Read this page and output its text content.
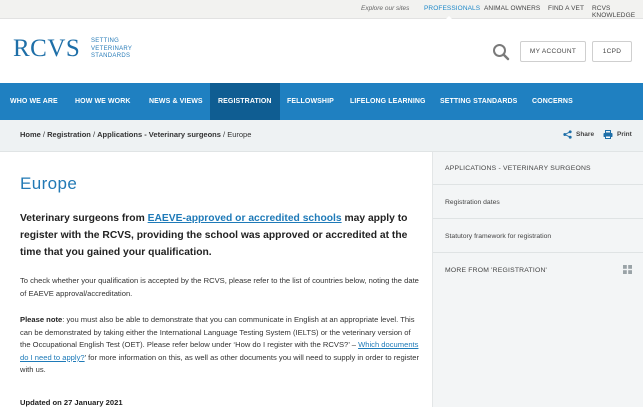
Explore our sites PROFESSIONALS ANIMAL OWNERS FIND A VET RCVS KNOWLEDGE
RCVS SETTING
VETERINARY
STANDARDS
MY ACCOUNT	1CPD
WHO WE ARE	HOW WE WORK	NEWS & VIEWS	REGISTRATION	FELLOWSHIP	LIFELONG LEARNING	SETTING STANDARDS	CONCERNS
Home / Registration / Applications - Veterinary surgeons / Europe	Share	Print
Europe

Veterinary surgeons from EAEVE-approved or accredited schools may apply to register with the RCVS, providing the school was approved or accredited at the time that you gained your qualification.

To check whether your qualification is accepted by the RCVS, please refer to the list of countries below, noting the date of EAEVE approval/accreditation.

Please note: you must also be able to demonstrate that you can communicate in English at an appropriate level. This can be demonstrated by taking either the International Language Testing System (IELTS) or the veterinary version of the Occupational English Test (OET). Please refer below under ‘How do I register with the RCVS?’ – Which documents do I need to apply?’ for more information on this, as well as other documents you will need to supply in order to register with us.

Updated on 27 January 2021
APPLICATIONS - VETERINARY SURGEONS
Registration dates
Statutory framework for registration
MORE FROM 'REGISTRATION'
